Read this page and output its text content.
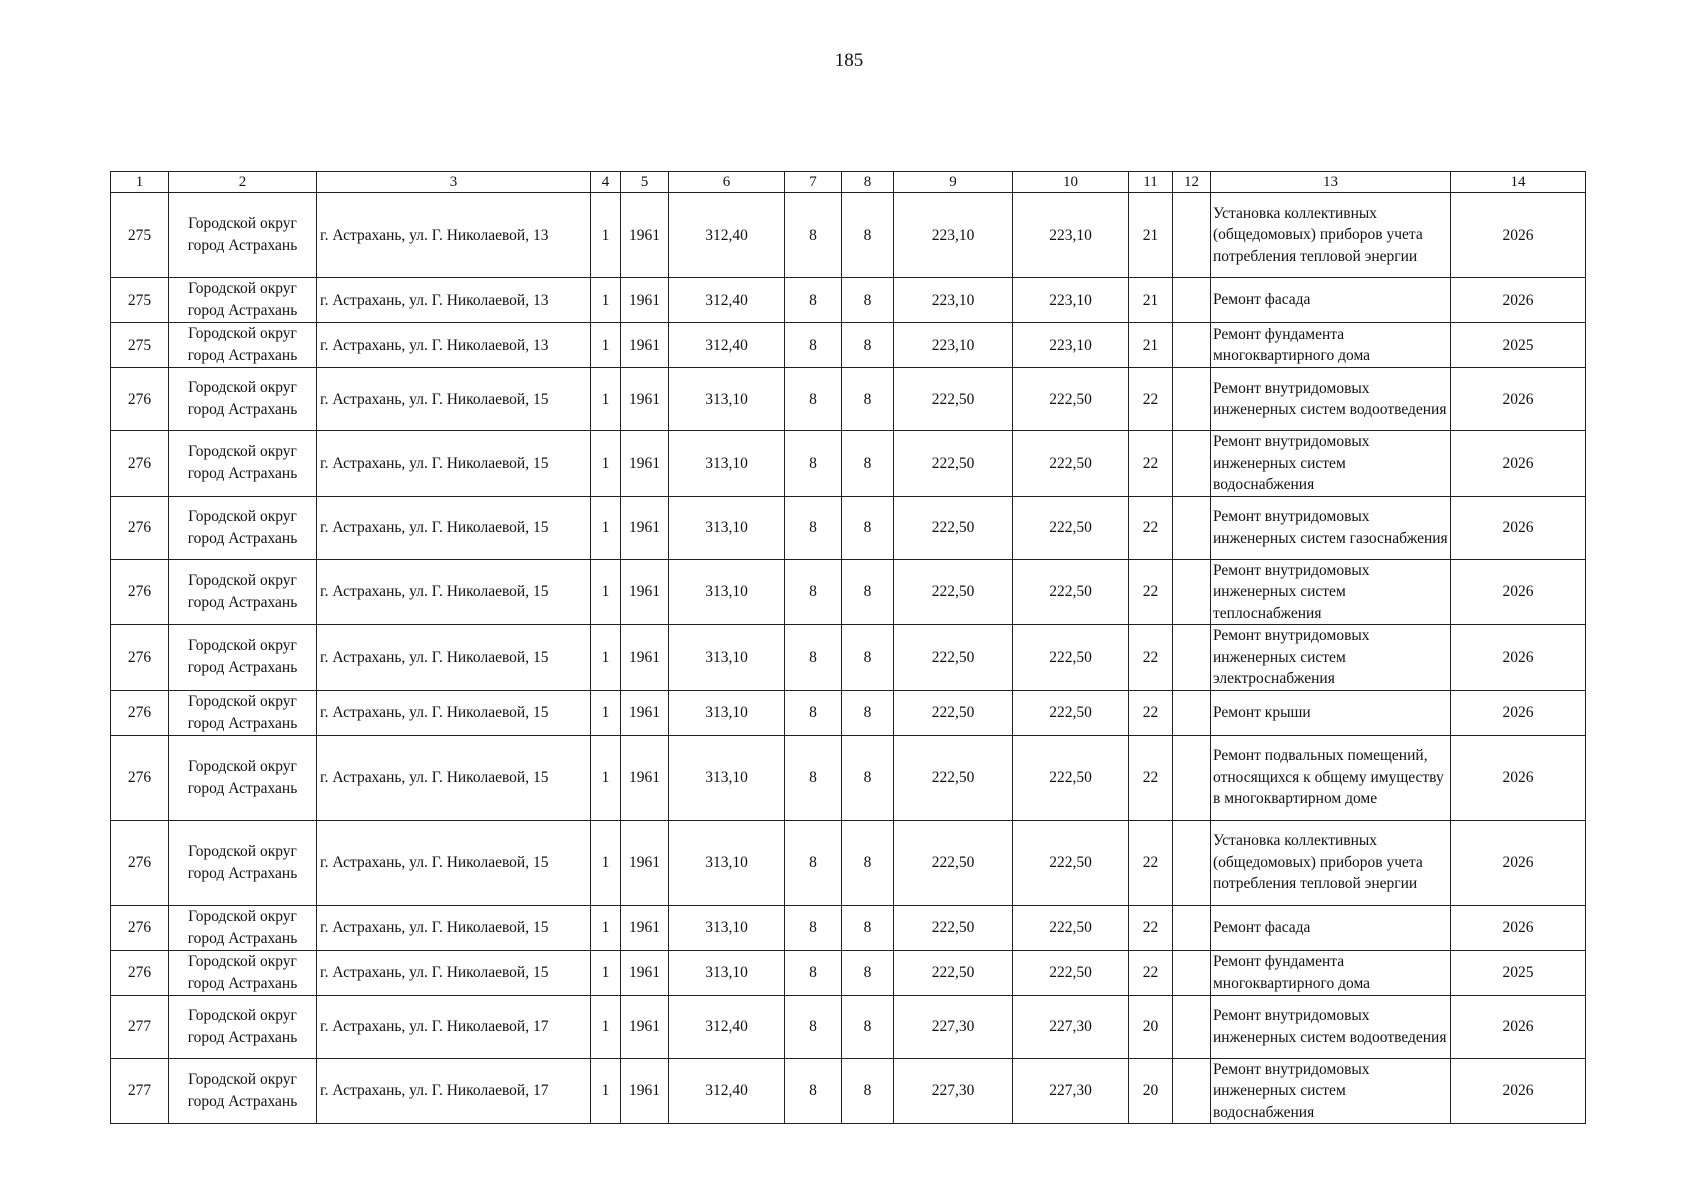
185
1	2	3	4	5	6	7	8	9	10	11	12	13	14

275	Городской округ город Астрахань	г. Астрахань, ул. Г. Николаевой, 13	1	1961	312,40	8	8	223,10	223,10	21		Установка коллективных (общедомовых) приборов учета потребления тепловой энергии	2026

275	Городской округ город Астрахань	г. Астрахань, ул. Г. Николаевой, 13	1	1961	312,40	8	8	223,10	223,10	21		Ремонт фасада	2026

275	Городской округ город Астрахань	г. Астрахань, ул. Г. Николаевой, 13	1	1961	312,40	8	8	223,10	223,10	21		Ремонт фундамента многоквартирного дома	2025

276	Городской округ город Астрахань	г. Астрахань, ул. Г. Николаевой, 15	1	1961	313,10	8	8	222,50	222,50	22		Ремонт внутридомовых инженерных систем водоотведения	2026

276	Городской округ город Астрахань	г. Астрахань, ул. Г. Николаевой, 15	1	1961	313,10	8	8	222,50	222,50	22		Ремонт внутридомовых инженерных систем водоснабжения	2026

276	Городской округ город Астрахань	г. Астрахань, ул. Г. Николаевой, 15	1	1961	313,10	8	8	222,50	222,50	22		Ремонт внутридомовых инженерных систем газоснабжения	2026

276	Городской округ город Астрахань	г. Астрахань, ул. Г. Николаевой, 15	1	1961	313,10	8	8	222,50	222,50	22		Ремонт внутридомовых инженерных систем теплоснабжения	2026

276	Городской округ город Астрахань	г. Астрахань, ул. Г. Николаевой, 15	1	1961	313,10	8	8	222,50	222,50	22		Ремонт внутридомовых инженерных систем электроснабжения	2026

276	Городской округ город Астрахань	г. Астрахань, ул. Г. Николаевой, 15	1	1961	313,10	8	8	222,50	222,50	22		Ремонт крыши	2026

276	Городской округ город Астрахань	г. Астрахань, ул. Г. Николаевой, 15	1	1961	313,10	8	8	222,50	222,50	22		Ремонт подвальных помещений, относящихся к общему имуществу в многоквартирном доме	2026

276	Городской округ город Астрахань	г. Астрахань, ул. Г. Николаевой, 15	1	1961	313,10	8	8	222,50	222,50	22		Установка коллективных (общедомовых) приборов учета потребления тепловой энергии	2026

276	Городской округ город Астрахань	г. Астрахань, ул. Г. Николаевой, 15	1	1961	313,10	8	8	222,50	222,50	22		Ремонт фасада	2026

276	Городской округ город Астрахань	г. Астрахань, ул. Г. Николаевой, 15	1	1961	313,10	8	8	222,50	222,50	22		Ремонт фундамента многоквартирного дома	2025

277	Городской округ город Астрахань	г. Астрахань, ул. Г. Николаевой, 17	1	1961	312,40	8	8	227,30	227,30	20		Ремонт внутридомовых инженерных систем водоотведения	2026

277	Городской округ город Астрахань	г. Астрахань, ул. Г. Николаевой, 17	1	1961	312,40	8	8	227,30	227,30	20		Ремонт внутридомовых инженерных систем водоснабжения	2026
